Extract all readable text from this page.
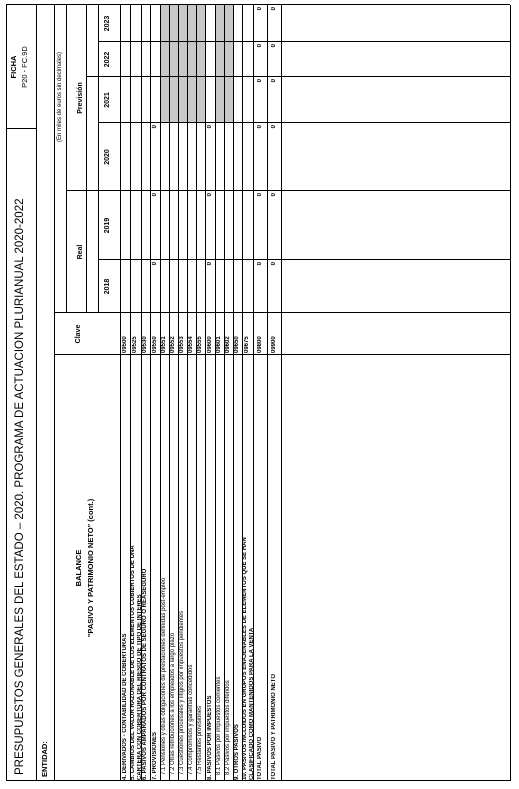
PRESUPUESTOS GENERALES DEL ESTADO – 2020. PROGRAMA DE ACTUACIÓN PLURIANUAL 2020-2022
FICHA P20 - FC.9D
ENTIDAD:
BALANCE "PASIVO Y PATRIMONIO NETO" (cont.)
Clave
(En miles de euros sin decimales)
Real
Previsión
2018
2019
2020
2021
2022
2023
4. DERIVADOS - CONTABILIDAD DE COBERTURAS
09500
5. CAMBIOS DEL VALOR RAZONABLE DE LOS ELEMENTOS CUBIERTOS DE UNA CARTERA CON COBERTURA DEL RIESGO DE TIPO DE INTERÉS
09525
6. PASIVOS AMPARADOS POR CONTRATOS DE SEGURO O REASEGURO
09530
7. PROVISIONES
09550
0
0
0
7.1 Pensiones y otras obligaciones de prestaciones definidas post-empleo
09551
7.2 Otras retribuciones a los empleados a largo plazo
09552
7.3 Cuestiones procesales y litigios por impuestos pendientes
09553
7.4 Compromisos y garantías concedidos
09554
7.5 Restantes provisiones
09555
8. PASIVOS POR IMPUESTOS
09600
0
0
0
8.1 Pasivos por impuestos corrientes
09601
8.2 Pasivos por impuestos diferidos
09602
9. OTROS PASIVOS
09650
10. PASIVOS INCLUIDOS EN GRUPOS ENAJENABLES DE ELEMENTOS QUE SE HAN CLASIFICADO COMO MANTENIDOS PARA LA VENTA
09675
TOTAL PASIVO
09800
0
0
0
0
0
0
TOTAL PASIVO Y PATRIMONIO NETO
09900
0
0
0
0
0
0
